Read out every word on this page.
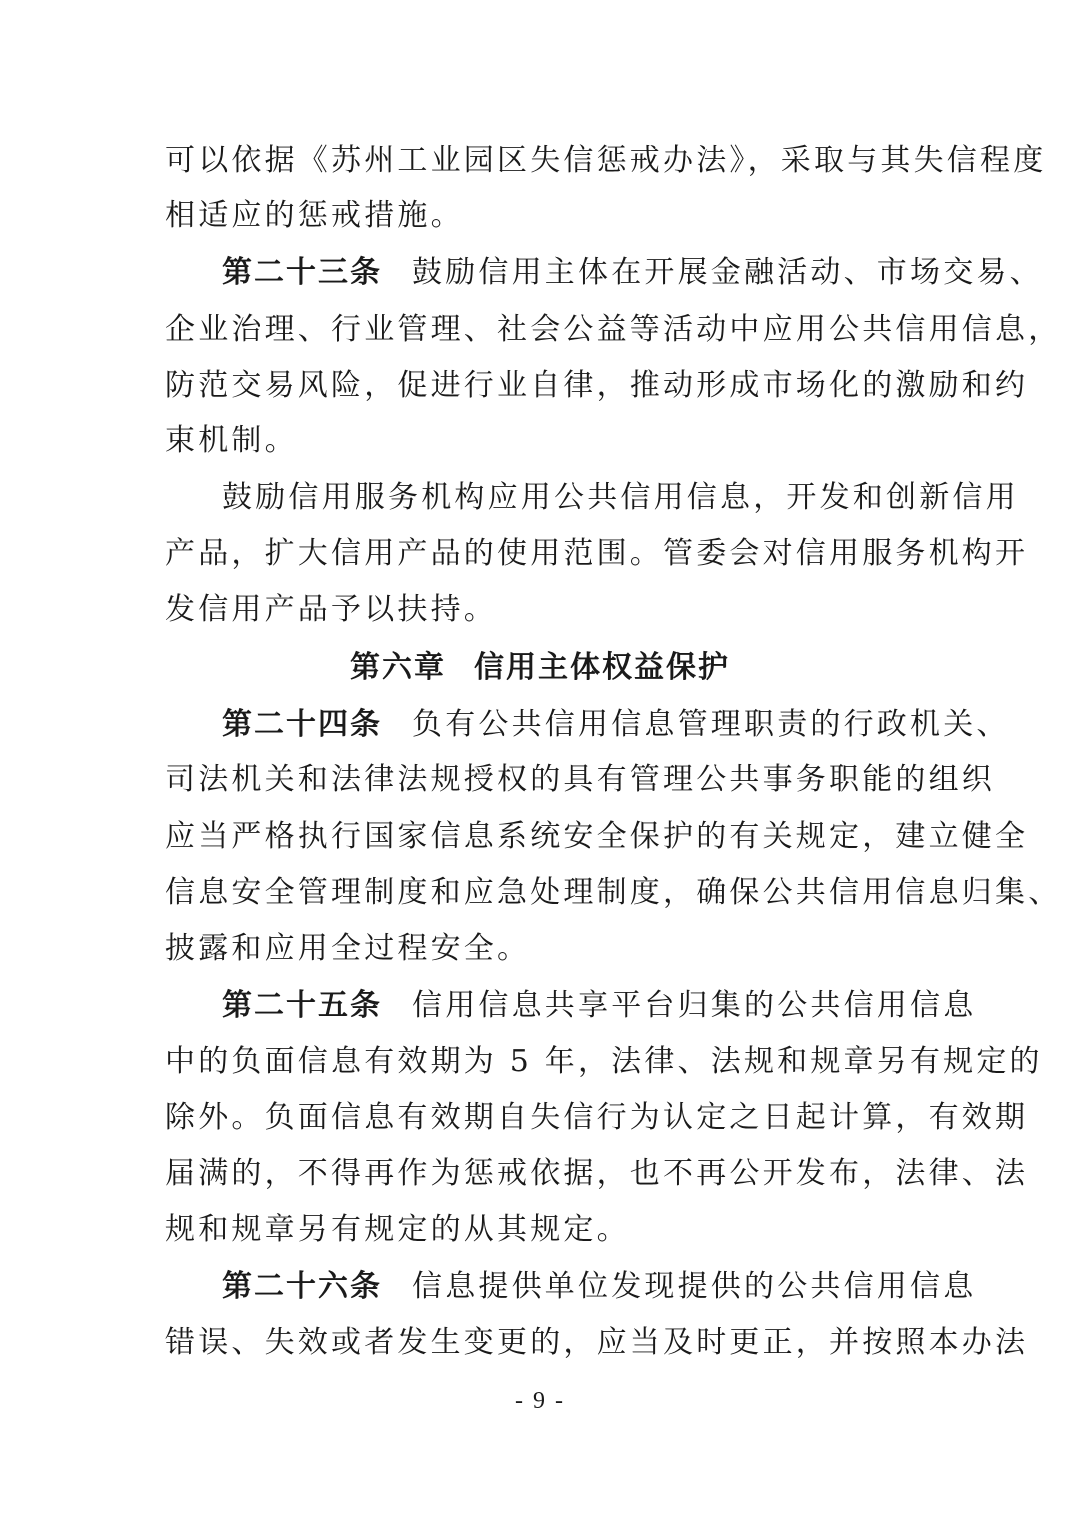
可以依据《苏州工业园区失信惩戒办法》，采取与其失信程度
相适应的惩戒措施。
第二十三条 鼓励信用主体在开展金融活动、市场交易、
企业治理、行业管理、社会公益等活动中应用公共信用信息，
防范交易风险，促进行业自律，推动形成市场化的激励和约
束机制。
鼓励信用服务机构应用公共信用信息，开发和创新信用
产品，扩大信用产品的使用范围。管委会对信用服务机构开
发信用产品予以扶持。
第六章 信用主体权益保护
第二十四条 负有公共信用信息管理职责的行政机关、
司法机关和法律法规授权的具有管理公共事务职能的组织
应当严格执行国家信息系统安全保护的有关规定，建立健全
信息安全管理制度和应急处理制度，确保公共信用信息归集、
披露和应用全过程安全。
第二十五条 信用信息共享平台归集的公共信用信息
中的负面信息有效期为 5 年，法律、法规和规章另有规定的
除外。负面信息有效期自失信行为认定之日起计算，有效期
届满的，不得再作为惩戒依据，也不再公开发布，法律、法
规和规章另有规定的从其规定。
第二十六条 信息提供单位发现提供的公共信用信息
错误、失效或者发生变更的，应当及时更正，并按照本办法
- 9 -
